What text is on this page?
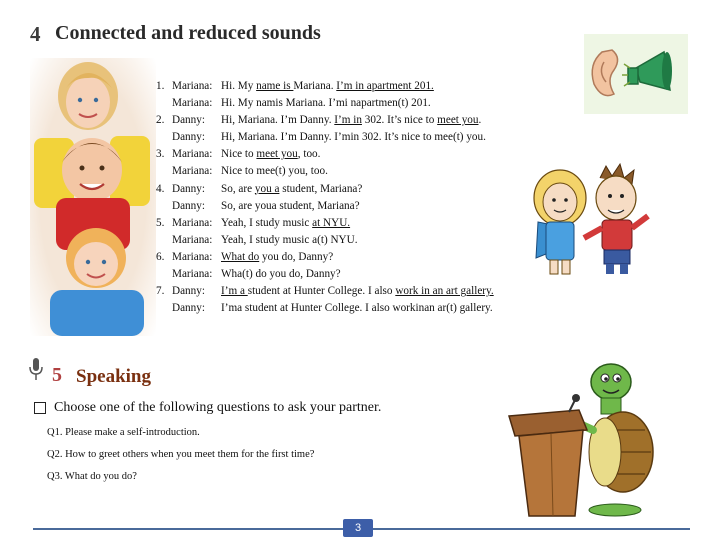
4 Connected and reduced sounds
1. Mariana: Hi. My name is Mariana. I’m in apartment 201.
Mariana: Hi. My namis Mariana. I’mi napartmen(t) 201.
2. Danny:	Hi, Mariana. I’m Danny. I’m in 302. It’s nice to meet you.
Danny:	Hi, Mariana. I’m Danny. I’min 302. It’s nice to mee(t) you.
3. Mariana: Nice to meet you, too.
Mariana: Nice to mee(t) you, too.
4. Danny:	So, are you a student, Mariana?
Danny:	So, are youa student, Mariana?
5. Mariana: Yeah, I study music at NYU.
Mariana: Yeah, I study music a(t) NYU.
6. Mariana: What do you do, Danny?
Mariana: Wha(t) do you do, Danny?
7. Danny:	I’m a student at Hunter College. I also work in an art gallery.
Danny:	I’ma student at Hunter College. I also workinan ar(t) gallery.
5 Speaking
Choose one of the following questions to ask your partner.
Q1. Please make a self-introduction.
Q2. How to greet others when you meet them for the first time?
Q3. What do you do?
3
